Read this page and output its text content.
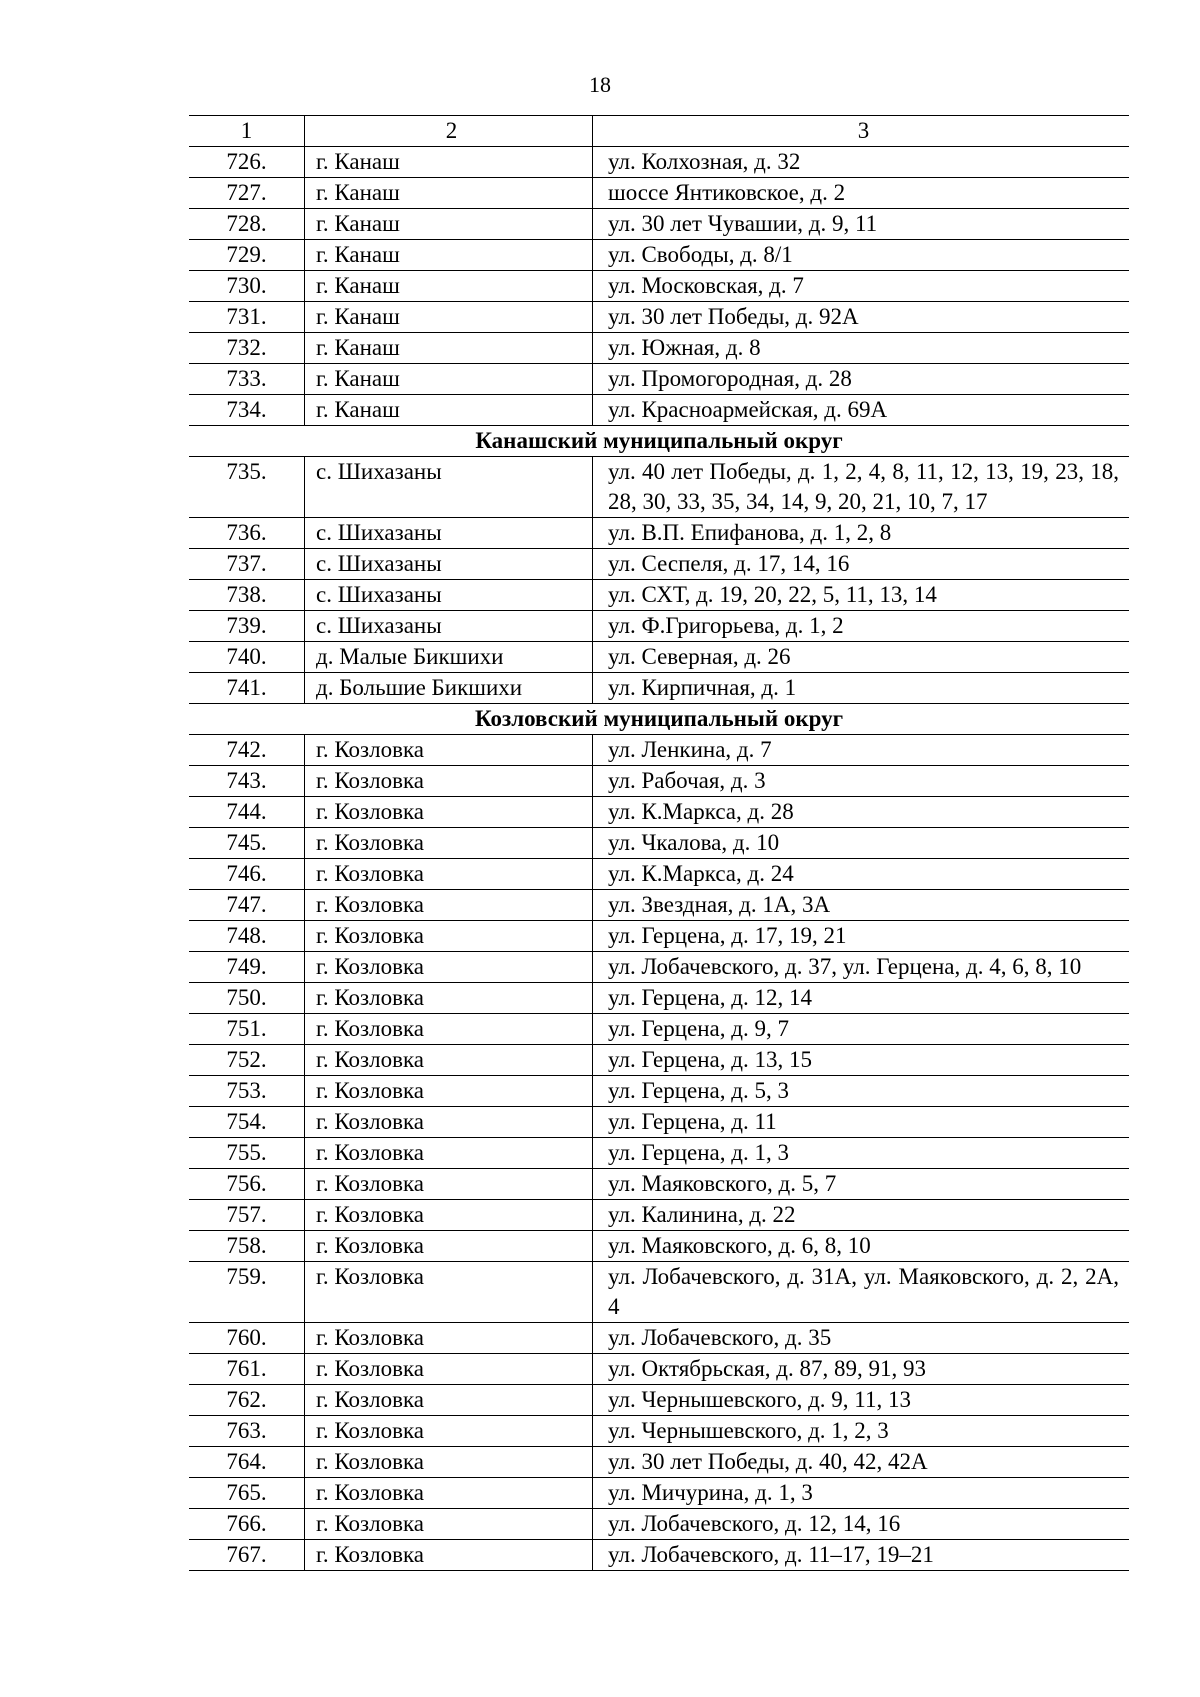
18
1	2	3
726.	г. Канаш	ул. Колхозная, д. 32
727.	г. Канаш	шоссе Янтиковское, д. 2
728.	г. Канаш	ул. 30 лет Чувашии, д. 9, 11
729.	г. Канаш	ул. Свободы, д. 8/1
730.	г. Канаш	ул. Московская, д. 7
731.	г. Канаш	ул. 30 лет Победы, д. 92А
732.	г. Канаш	ул. Южная, д. 8
733.	г. Канаш	ул. Промогородная, д. 28
734.	г. Канаш	ул. Красноармейская, д. 69А
Канашский муниципальный округ		
735.	с. Шихазаны	ул. 40 лет Победы, д. 1, 2, 4, 8, 11, 12, 13, 19, 23, 18, 28, 30, 33, 35, 34, 14, 9, 20, 21, 10, 7, 17
736.	с. Шихазаны	ул. В.П. Епифанова, д. 1, 2, 8
737.	с. Шихазаны	ул. Сеспеля, д. 17, 14, 16
738.	с. Шихазаны	ул. СХТ, д. 19, 20, 22, 5, 11, 13, 14
739.	с. Шихазаны	ул. Ф.Григорьева, д. 1, 2
740.	д. Малые Бикшихи	ул. Северная, д. 26
741.	д. Большие Бикшихи	ул. Кирпичная, д. 1
Козловский муниципальный округ		
742.	г. Козловка	ул. Ленкина, д. 7
743.	г. Козловка	ул. Рабочая, д. 3
744.	г. Козловка	ул. К.Маркса, д. 28
745.	г. Козловка	ул. Чкалова, д. 10
746.	г. Козловка	ул. К.Маркса, д. 24
747.	г. Козловка	ул. Звездная, д. 1А, 3А
748.	г. Козловка	ул. Герцена, д. 17, 19, 21
749.	г. Козловка	ул. Лобачевского, д. 37, ул. Герцена, д. 4, 6, 8, 10
750.	г. Козловка	ул. Герцена, д. 12, 14
751.	г. Козловка	ул. Герцена, д. 9, 7
752.	г. Козловка	ул. Герцена, д. 13, 15
753.	г. Козловка	ул. Герцена, д. 5, 3
754.	г. Козловка	ул. Герцена, д. 11
755.	г. Козловка	ул. Герцена, д. 1, 3
756.	г. Козловка	ул. Маяковского, д. 5, 7
757.	г. Козловка	ул. Калинина, д. 22
758.	г. Козловка	ул. Маяковского, д. 6, 8, 10
759.	г. Козловка	ул. Лобачевского, д. 31А, ул. Маяковского, д. 2, 2А, 4
760.	г. Козловка	ул. Лобачевского, д. 35
761.	г. Козловка	ул. Октябрьская, д. 87, 89, 91, 93
762.	г. Козловка	ул. Чернышевского, д. 9, 11, 13
763.	г. Козловка	ул. Чернышевского, д. 1, 2, 3
764.	г. Козловка	ул. 30 лет Победы, д. 40, 42, 42А
765.	г. Козловка	ул. Мичурина, д. 1, 3
766.	г. Козловка	ул. Лобачевского, д. 12, 14, 16
767.	г. Козловка	ул. Лобачевского, д. 11–17, 19–21
